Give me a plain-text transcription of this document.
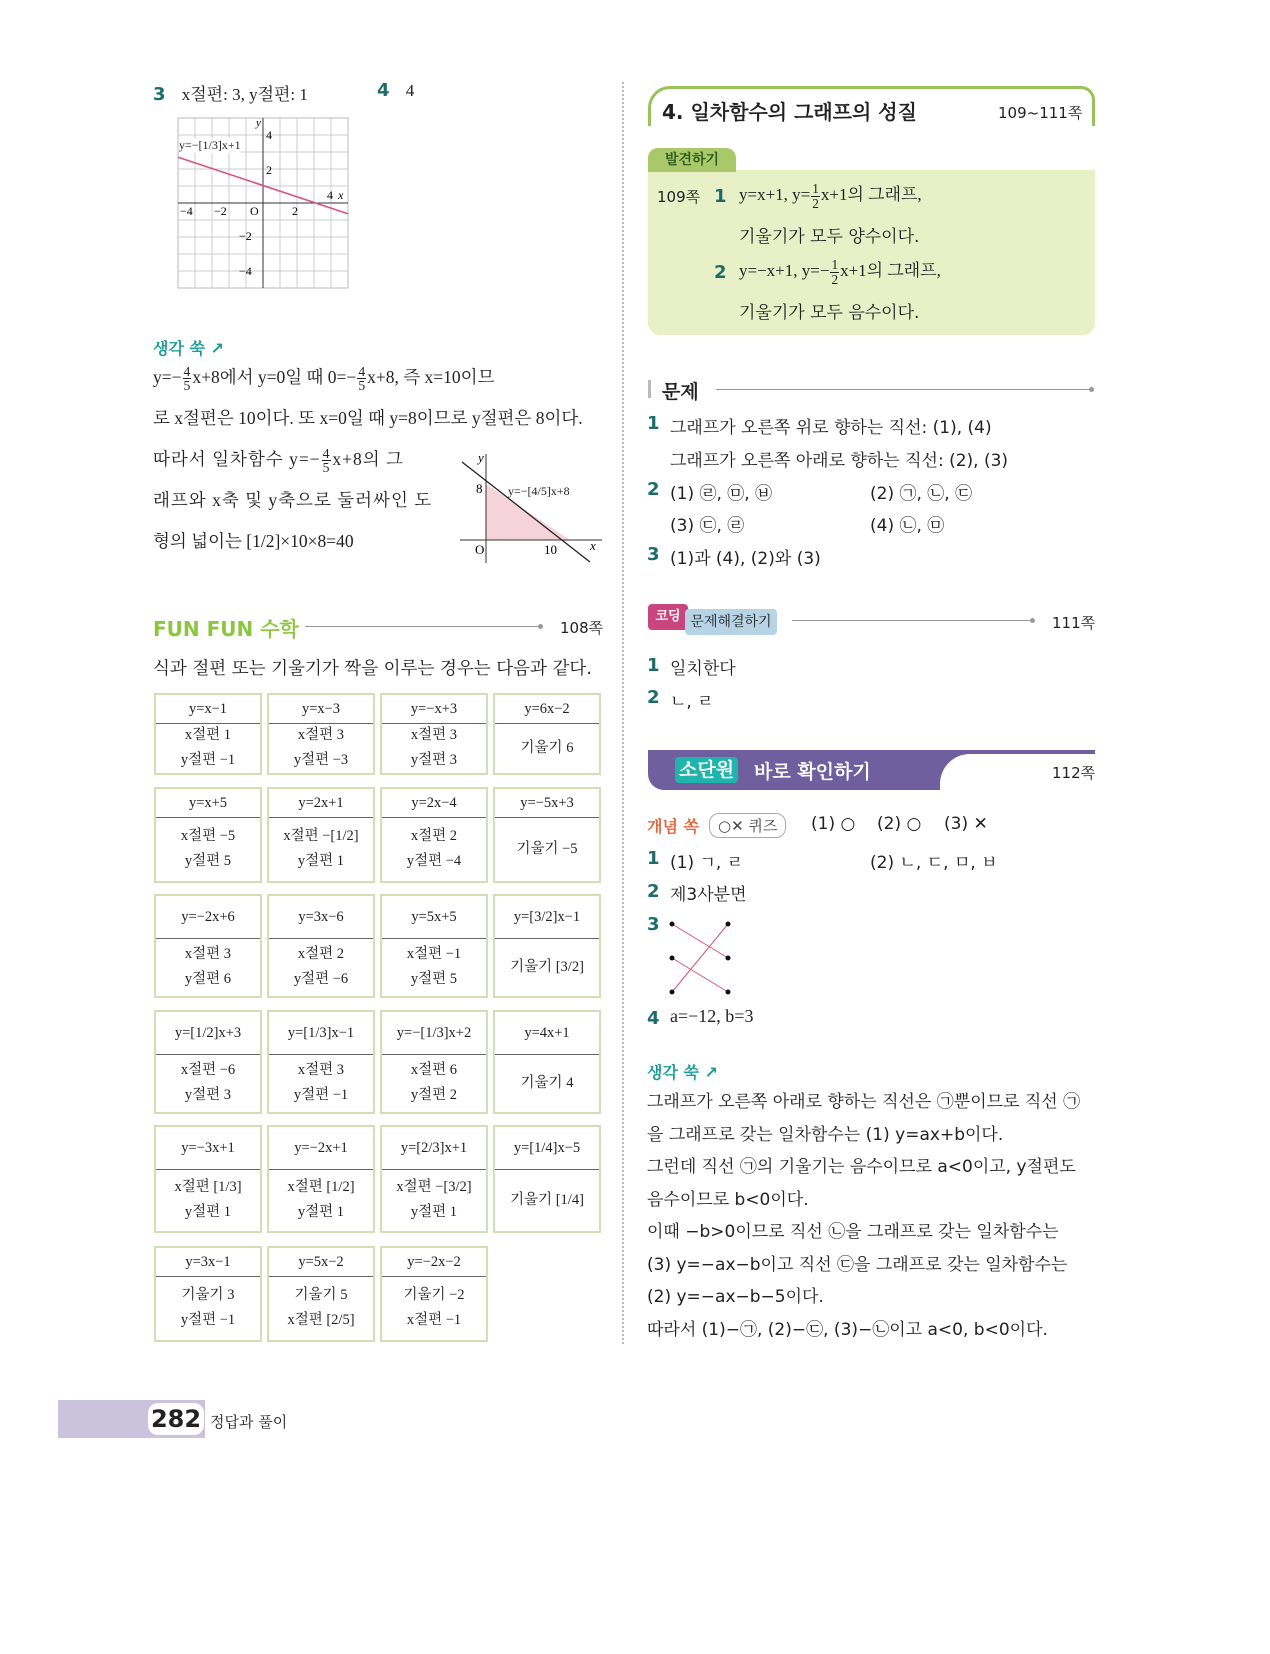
3 x절편: 3, y절편: 1	4 4
y
x
−4 −2 O	2
4
4
2
−2
−4
y=−[1/3]x+1
생각 쑥 ↗
$y=- \frac{4}{5} x+8$에서 y=0일 때 $0=- \frac{4}{5} x+8$, 즉 x=10이므
로 x절편은 10이다. 또 x=0일 때 y=8이므로 y절편은 8이다.
따라서 일차함수 $y=- \frac{4}{5} x+8$의 그
래프와 x축 및 y축으로 둘러싸인 도
형의 넓이는 [1/2]×10×8=40
y
x
8
O	10
y=−[4/5]x+8
FUN FUN 수학	108쪽
식과 절편 또는 기울기가 짝을 이루는 경우는 다음과 같다.
y=x−1
x절편 1
y절편 −1
y=x−3
x절편 3
y절편 −3
y=−x+3
x절편 3
y절편 3
y=6x−2
기울기 6
y=x+5
x절편 −5
y절편 5
y=2x+1
x절편 −[1/2]
y절편 1
y=2x−4
x절편 2
y절편 −4
y=−5x+3
기울기 −5
y=−2x+6
x절편 3
y절편 6
y=3x−6
x절편 2
y절편 −6
y=5x+5
x절편 −1
y절편 5
y=[3/2]x−1
기울기 [3/2]
y=[1/2]x+3
x절편 −6
y절편 3
y=[1/3]x−1
x절편 3
y절편 −1
y=−[1/3]x+2
x절편 6
y절편 2
y=4x+1
기울기 4
y=−3x+1
x절편 [1/3]
y절편 1
y=−2x+1
x절편 [1/2]
y절편 1
y=[2/3]x+1
x절편 −[3/2]
y절편 1
y=[1/4]x−5
기울기 [1/4]
y=3x−1
기울기 3
y절편 −1
y=5x−2
기울기 5
x절편 [2/5]
y=−2x−2
기울기 −2
x절편 −1
4. 일차함수의 그래프의 성질	109~111쪽
발견하기
109쪽 1 y=x+1, $y= \frac{1}{2} x+1$의 그래프,
기울기가 모두 양수이다.
2 y=−x+1, $y=- \frac{1}{2} x+1$의 그래프,
기울기가 모두 음수이다.
문제
1 그래프가 오른쪽 위로 향하는 직선: (1), (4)
그래프가 오른쪽 아래로 향하는 직선: (2), (3)
2 (1) ㉣, ㉤, ㉥	(2) ㉠, ㉡, ㉢
(3) ㉢, ㉣	(4) ㉡, ㉤
3 (1)과 (4), (2)와 (3)
코딩 문제해결하기	111쪽
1 일치한다
2 ㄴ, ㄹ
소단원 바로 확인하기	112쪽
개념 쏙	○✕ 퀴즈	(1) ○ (2) ○ (3) ✕
1 (1) ㄱ, ㄹ	(2) ㄴ, ㄷ, ㅁ, ㅂ
2 제3사분면
3
4 a=−12, b=3
생각 쑥 ↗
그래프가 오른쪽 아래로 향하는 직선은 ㉠뿐이므로 직선 ㉠
을 그래프로 갖는 일차함수는 (1) y=ax+b이다.
그런데 직선 ㉠의 기울기는 음수이므로 a<0이고, y절편도
음수이므로 b<0이다.
이때 −b>0이므로 직선 ㉡을 그래프로 갖는 일차함수는
(3) y=−ax−b이고 직선 ㉢을 그래프로 갖는 일차함수는
(2) y=−ax−b−5이다.
따라서 (1)−㉠, (2)−㉢, (3)−㉡이고 a<0, b<0이다.
282 정답과 풀이
